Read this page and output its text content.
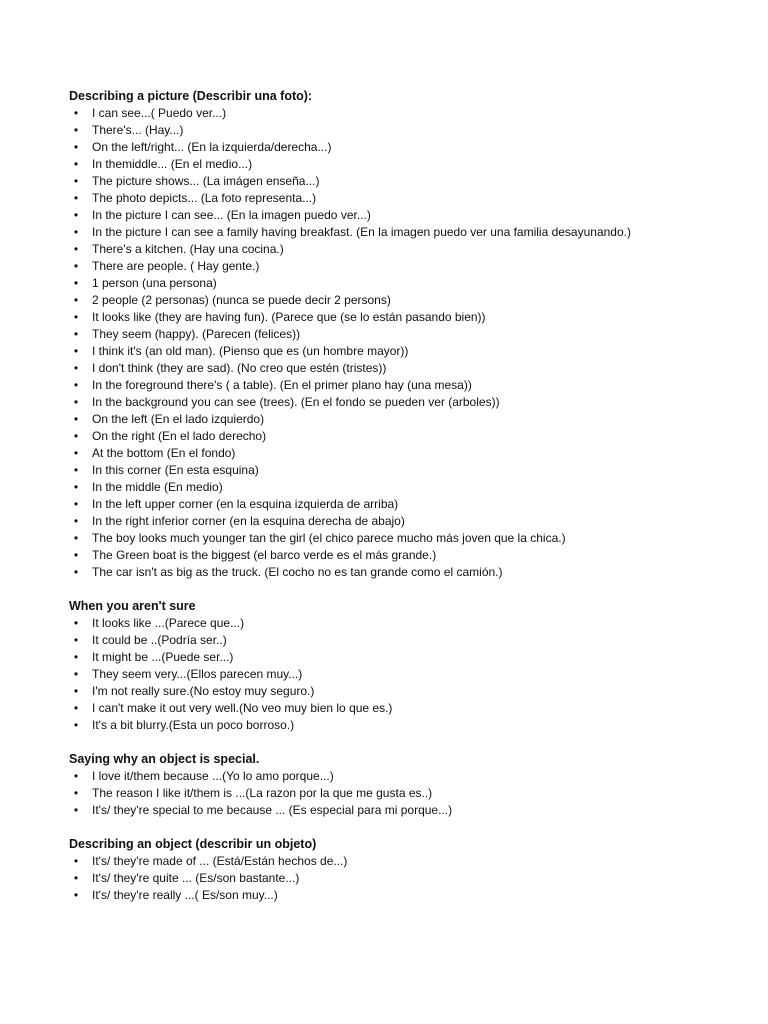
Describing a picture (Describir una foto):
• I can see...( Puedo ver...)
• There's... (Hay...)
• On the left/right... (En la izquierda/derecha...)
• In themiddle... (En el medio...)
• The picture shows... (La imágen enseña...)
• The photo depicts... (La foto representa...)
• In the picture I can see... (En la imagen puedo ver...)
• In the picture I can see a family having breakfast. (En la imagen puedo ver una familia desayunando.)
• There's a kitchen. (Hay una cocina.)
• There are people. ( Hay gente.)
• 1 person (una persona)
• 2 people (2 personas) (nunca se puede decir 2 persons)
• It looks like (they are having fun). (Parece que (se lo están pasando bien))
• They seem (happy). (Parecen (felices))
• I think it's (an old man). (Pienso que es (un hombre mayor))
• I don't think (they are sad). (No creo que estén (tristes))
• In the foreground there's ( a table). (En el primer plano hay (una mesa))
• In the background you can see (trees). (En el fondo se pueden ver (arboles))
• On the left (En el lado izquierdo)
• On the right (En el lado derecho)
• At the bottom (En el fondo)
• In this corner (En esta esquina)
• In the middle (En medio)
• In the left upper corner (en la esquina izquierda de arriba)
• In the right inferior corner (en la esquina derecha de abajo)
• The boy looks much younger tan the girl (el chico parece mucho más joven que la chica.)
• The Green boat is the biggest (el barco verde es el más grande.)
• The car isn't as big as the truck. (El cocho no es tan grande como el camión.)
When you aren't sure
• It looks like ...(Parece que...)
• It could be ..(Podría ser..)
• It might be ...(Puede ser...)
• They seem very...(Ellos parecen muy...)
• I'm not really sure.(No estoy muy seguro.)
• I can't make it out very well.(No veo muy bien lo que es.)
• It's a bit blurry.(Esta un poco borroso.)
Saying why an object is special.
• I love it/them because ...(Yo lo amo porque...)
• The reason I like it/them is ...(La razon por la que me gusta es..)
• It's/ they're special to me because ... (Es especial para mi porque...)
Describing an object (describir un objeto)
• It's/ they're made of ... (Está/Están hechos de...)
• It's/ they're quite ... (Es/son bastante...)
• It's/ they're really ...( Es/son muy...)
